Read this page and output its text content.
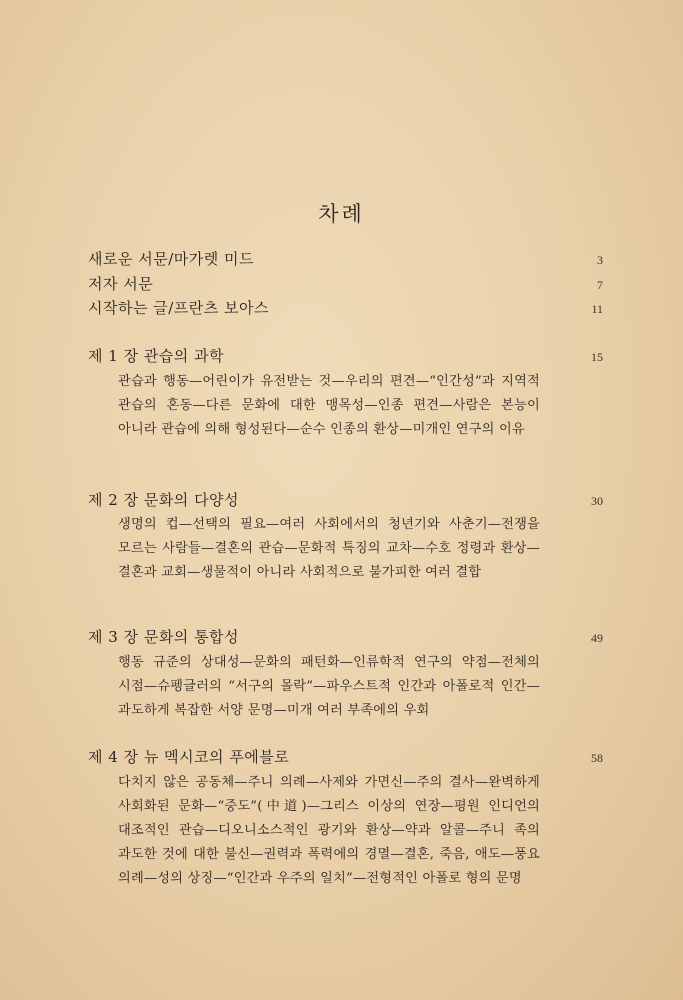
차례
새로운 서문/마가렛 미드	3
저자 서문	7
시작하는 글/프란츠 보아스	11
제 1 장 관습의 과학	15
관습과 행동—어린이가 유전받는 것—우리의 편견—“인간성”과 지역적 관습의 혼동—다른 문화에 대한 맹목성—인종 편견—사람은 본능이 아니라 관습에 의해 형성된다—순수 인종의 환상—미개인 연구의 이유
제 2 장 문화의 다양성	30
생명의 컵—선택의 필요—여러 사회에서의 청년기와 사춘기—전쟁을 모르는 사람들—결혼의 관습—문화적 특징의 교차—수호 정령과 환상—결혼과 교회—생물적이 아니라 사회적으로 불가피한 여러 결합
제 3 장 문화의 통합성	49
행동 규준의 상대성—문화의 패턴화—인류학적 연구의 약점—전체의 시점—슈펭글러의 “서구의 몰락”—파우스트적 인간과 아폴로적 인간—과도하게 복잡한 서양 문명—미개 여러 부족에의 우회
제 4 장 뉴 멕시코의 푸에블로	58
다치지 않은 공동체—주니 의례—사제와 가면신—주의 결사—완벽하게 사회화된 문화—“중도”(中道)—그리스 이상의 연장—평원 인디언의 대조적인 관습—디오니소스적인 광기와 환상—약과 알콜—주니 족의 과도한 것에 대한 불신—권력과 폭력에의 경멸—결혼, 죽음, 애도—풍요 의례—성의 상징—“인간과 우주의 일치”—전형적인 아폴로 형의 문명
